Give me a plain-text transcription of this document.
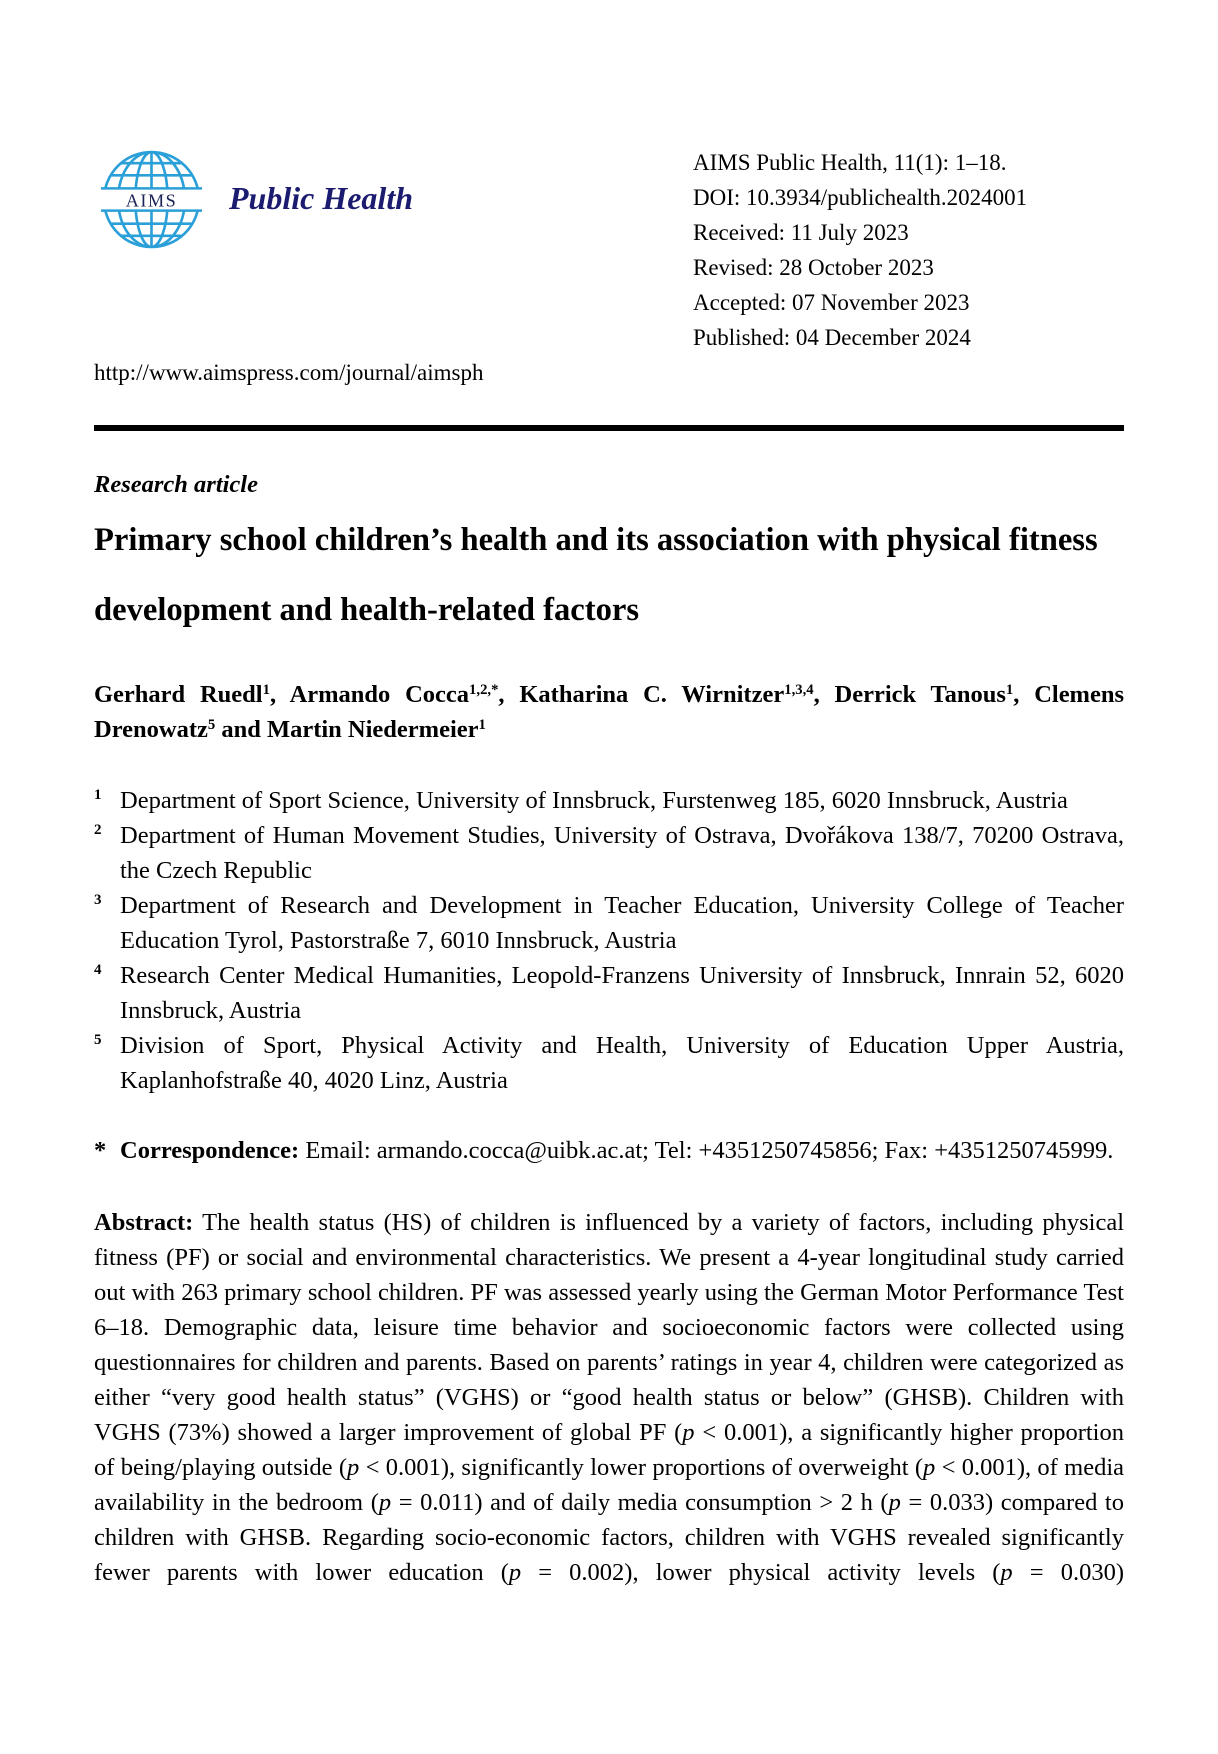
AIMS Public Health
AIMS Public Health, 11(1): 1–18.
DOI: 10.3934/publichealth.2024001
Received: 11 July 2023
Revised: 28 October 2023
Accepted: 07 November 2023
Published: 04 December 2024
http://www.aimspress.com/journal/aimsph
Research article
Primary school children’s health and its association with physical fitness development and health-related factors

Gerhard Ruedl$^1$, Armando Cocca$^{1,2,*}$, Katharina C. Wirnitzer$^{1,3,4}$, Derrick Tanous$^1$, Clemens Drenowatz$^5$ and Martin Niedermeier$^1$

1 Department of Sport Science, University of Innsbruck, Furstenweg 185, 6020 Innsbruck, Austria
2 Department of Human Movement Studies, University of Ostrava, Dvořákova 138/7, 70200 Ostrava, the Czech Republic
3 Department of Research and Development in Teacher Education, University College of Teacher Education Tyrol, Pastorstraße 7, 6010 Innsbruck, Austria
4 Research Center Medical Humanities, Leopold-Franzens University of Innsbruck, Innrain 52, 6020 Innsbruck, Austria
5 Division of Sport, Physical Activity and Health, University of Education Upper Austria, Kaplanhofstraße 40, 4020 Linz, Austria
* Correspondence: Email: armando.cocca@uibk.ac.at; Tel: +4351250745856; Fax: +4351250745999.

Abstract: The health status (HS) of children is influenced by a variety of factors, including physical fitness (PF) or social and environmental characteristics. We present a 4-year longitudinal study carried out with 263 primary school children. PF was assessed yearly using the German Motor Performance Test 6–18. Demographic data, leisure time behavior and socioeconomic factors were collected using questionnaires for children and parents. Based on parents’ ratings in year 4, children were categorized as either “very good health status” (VGHS) or “good health status or below” (GHSB). Children with VGHS (73%) showed a larger improvement of global PF (p < 0.001), a significantly higher proportion of being/playing outside (p < 0.001), significantly lower proportions of overweight (p < 0.001), of media availability in the bedroom (p = 0.011) and of daily media consumption > 2 h (p = 0.033) compared to children with GHSB. Regarding socio-economic factors, children with VGHS revealed significantly fewer parents with lower education (p = 0.002), lower physical activity levels (p = 0.030)
